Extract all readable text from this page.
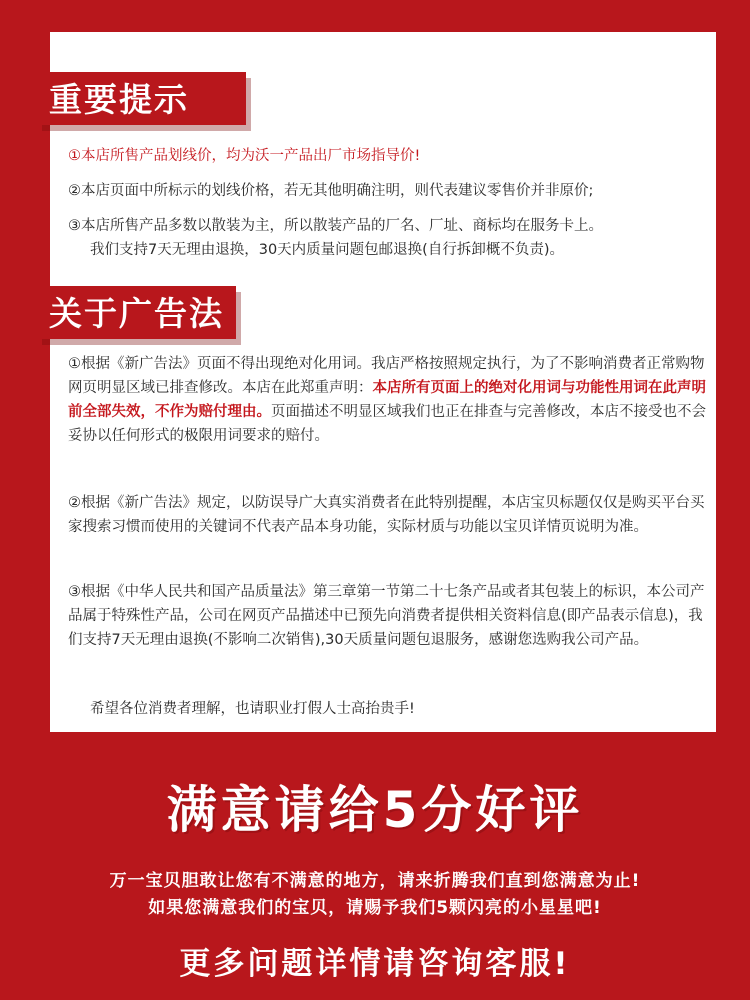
重要提示
①本店所售产品划线价，均为沃一产品出厂市场指导价!
②本店页面中所标示的划线价格，若无其他明确注明，则代表建议零售价并非原价;
③本店所售产品多数以散装为主，所以散装产品的厂名、厂址、商标均在服务卡上。
我们支持7天无理由退换，30天内质量问题包邮退换(自行拆卸概不负责)。
关于广告法
①根据《新广告法》页面不得出现绝对化用词。我店严格按照规定执行，为了不影响消费者正常购物网页明显区域已排查修改。本店在此郑重声明：本店所有页面上的绝对化用词与功能性用词在此声明前全部失效，不作为赔付理由。页面描述不明显区域我们也正在排查与完善修改，本店不接受也不会妥协以任何形式的极限用词要求的赔付。
②根据《新广告法》规定，以防误导广大真实消费者在此特别提醒，本店宝贝标题仅仅是购买平台买家搜索习惯而使用的关键词不代表产品本身功能，实际材质与功能以宝贝详情页说明为准。
③根据《中华人民共和国产品质量法》第三章第一节第二十七条产品或者其包装上的标识，本公司产品属于特殊性产品，公司在网页产品描述中已预先向消费者提供相关资料信息(即产品表示信息)，我们支持7天无理由退换(不影响二次销售),30天质量问题包退服务，感谢您选购我公司产品。
希望各位消费者理解，也请职业打假人士高抬贵手!
满意请给5分好评
万一宝贝胆敢让您有不满意的地方，请来折腾我们直到您满意为止!
如果您满意我们的宝贝，请赐予我们5颗闪亮的小星星吧!
更多问题详情请咨询客服!
